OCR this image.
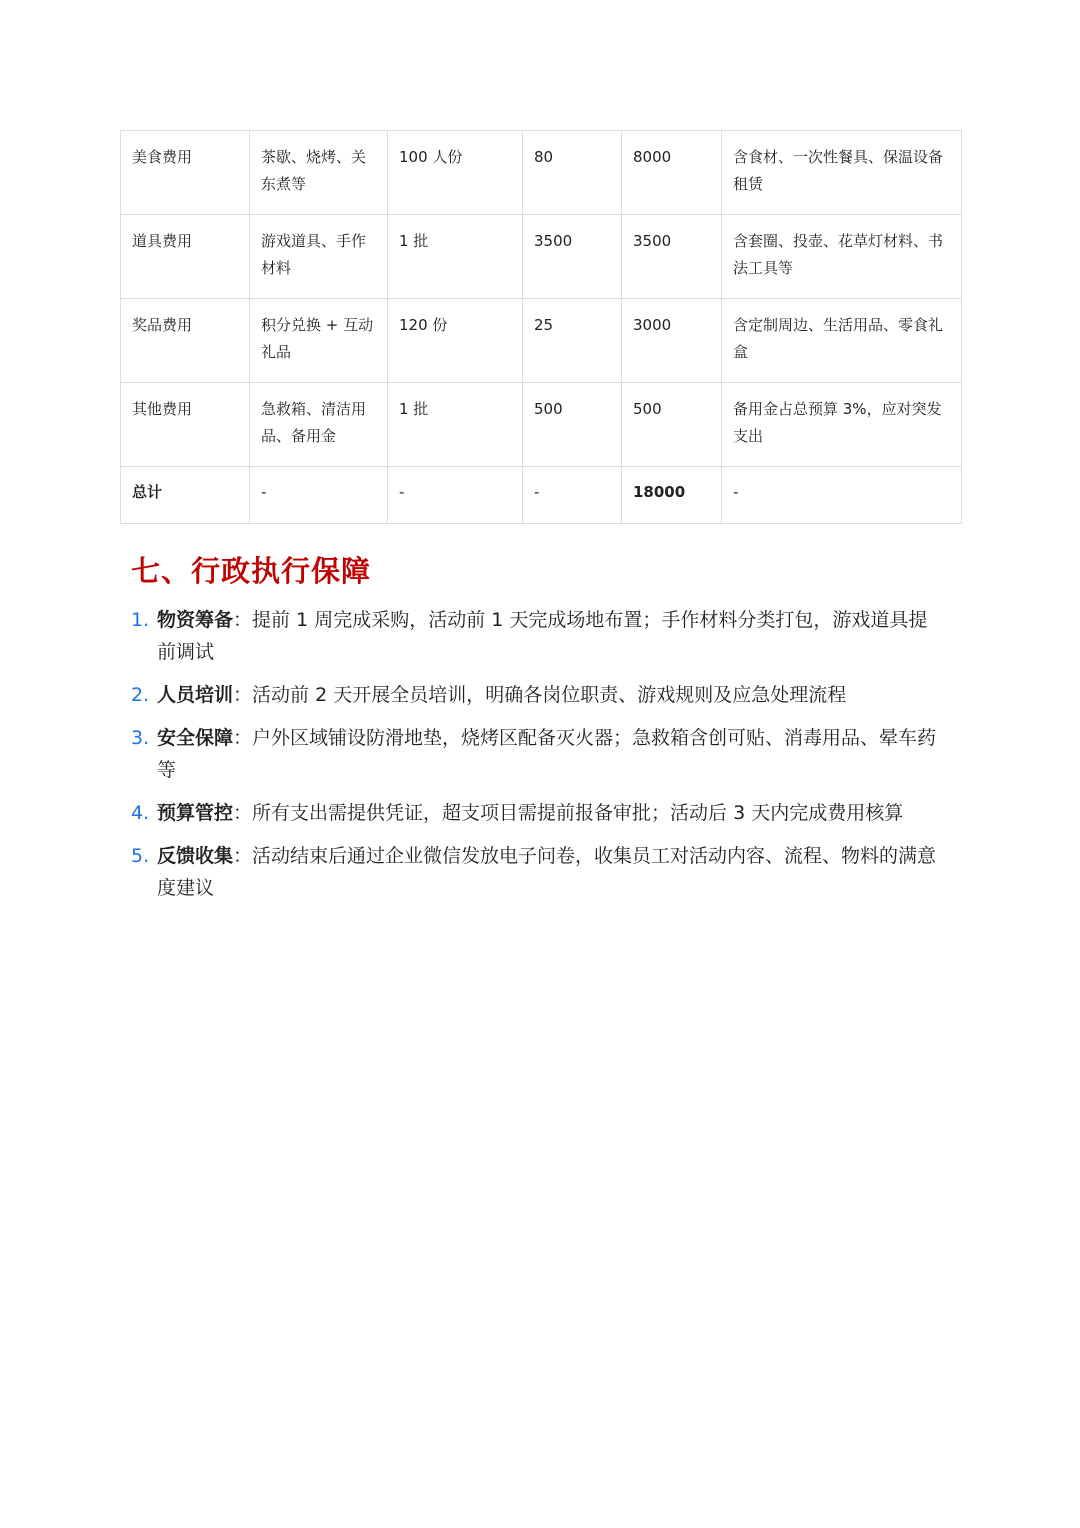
美食费用	茶歇、烧烤、关东煮等	100 人份	80	8000	含食材、一次性餐具、保温设备租赁
道具费用	游戏道具、手作材料	1 批	3500	3500	含套圈、投壶、花草灯材料、书法工具等
奖品费用	积分兑换 + 互动礼品	120 份	25	3000	含定制周边、生活用品、零食礼盒
其他费用	急救箱、清洁用品、备用金	1 批	500	500	备用金占总预算 3%，应对突发支出
总计	-	-	-	18000	-
七、行政执行保障
1. 物资筹备：提前 1 周完成采购，活动前 1 天完成场地布置；手作材料分类打包，游戏道具提前调试
2. 人员培训：活动前 2 天开展全员培训，明确各岗位职责、游戏规则及应急处理流程
3. 安全保障：户外区域铺设防滑地垫，烧烤区配备灭火器；急救箱含创可贴、消毒用品、晕车药等
4. 预算管控：所有支出需提供凭证，超支项目需提前报备审批；活动后 3 天内完成费用核算
5. 反馈收集：活动结束后通过企业微信发放电子问卷，收集员工对活动内容、流程、物料的满意度建议
